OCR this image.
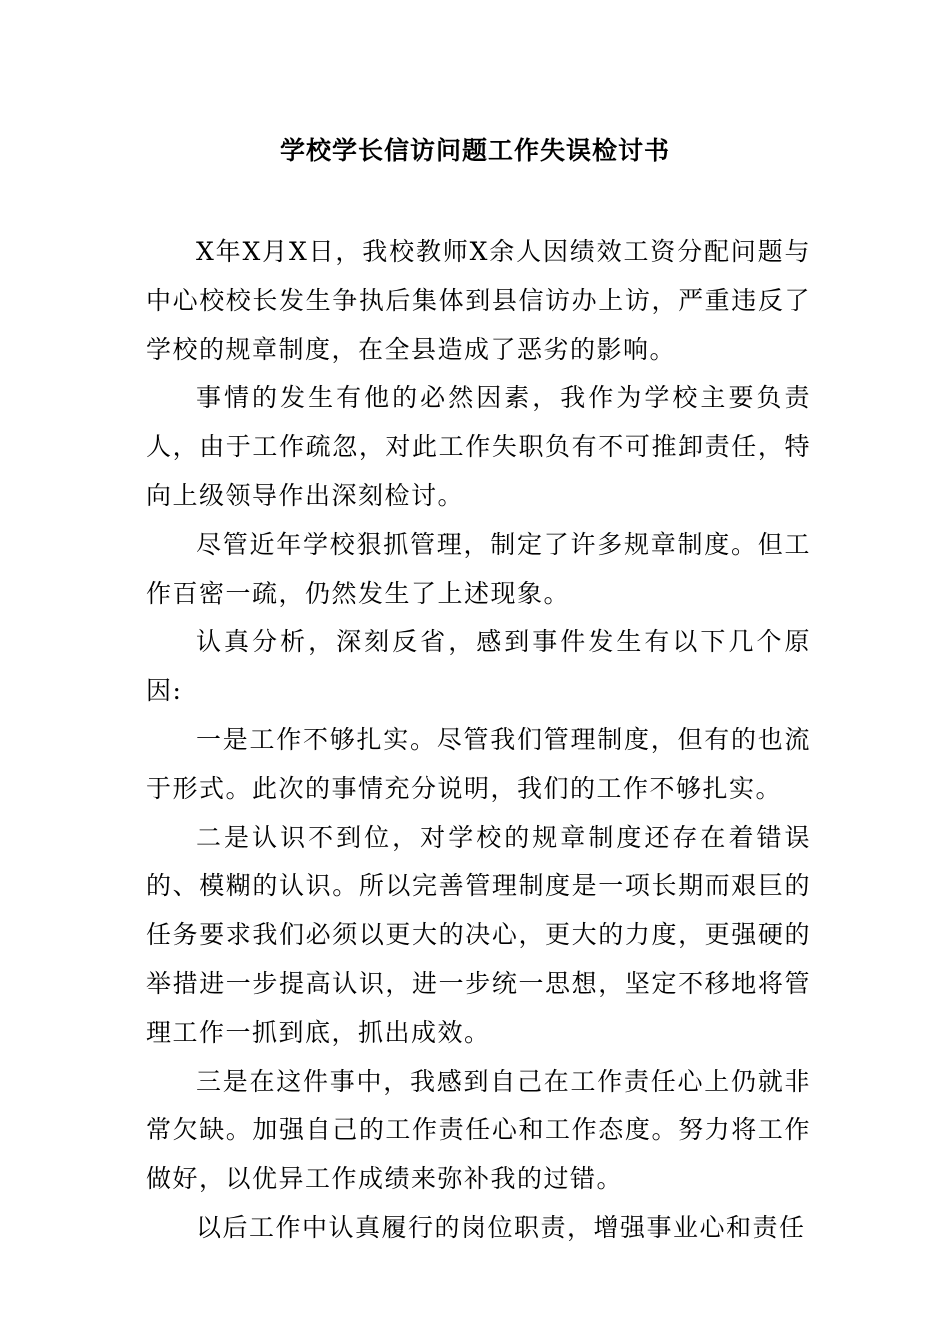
学校学长信访问题工作失误检讨书

X年X月X日，我校教师X余人因绩效工资分配问题与中心校校长发生争执后集体到县信访办上访，严重违反了学校的规章制度，在全县造成了恶劣的影响。

事情的发生有他的必然因素，我作为学校主要负责人，由于工作疏忽，对此工作失职负有不可推卸责任，特向上级领导作出深刻检讨。

尽管近年学校狠抓管理，制定了许多规章制度。但工作百密一疏，仍然发生了上述现象。

认真分析，深刻反省，感到事件发生有以下几个原因:

一是工作不够扎实。尽管我们管理制度，但有的也流于形式。此次的事情充分说明，我们的工作不够扎实。

二是认识不到位，对学校的规章制度还存在着错误的、模糊的认识。所以完善管理制度是一项长期而艰巨的任务要求我们必须以更大的决心，更大的力度，更强硬的举措进一步提高认识，进一步统一思想，坚定不移地将管理工作一抓到底，抓出成效。

三是在这件事中，我感到自己在工作责任心上仍就非常欠缺。加强自己的工作责任心和工作态度。努力将工作做好，以优异工作成绩来弥补我的过错。

以后工作中认真履行的岗位职责，增强事业心和责任
